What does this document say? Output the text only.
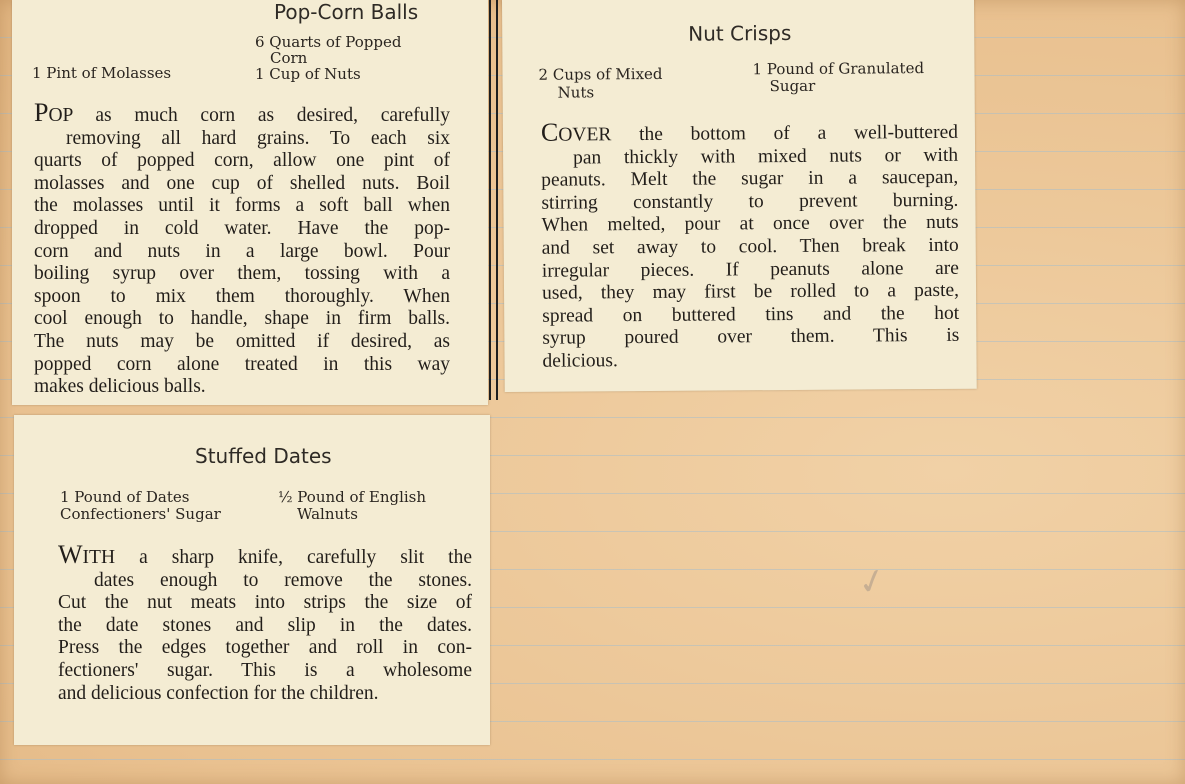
Pop-Corn Balls
1 Pint of Molasses
6 Quarts of Popped
Corn
1 Cup of Nuts
POP as much corn as desired, carefully
removing all hard grains. To each six
quarts of popped corn, allow one pint of
molasses and one cup of shelled nuts. Boil
the molasses until it forms a soft ball when
dropped in cold water. Have the pop-
corn and nuts in a large bowl. Pour
boiling syrup over them, tossing with a
spoon to mix them thoroughly. When
cool enough to handle, shape in firm balls.
The nuts may be omitted if desired, as
popped corn alone treated in this way
makes delicious balls.
Nut Crisps
2 Cups of Mixed
Nuts
1 Pound of Granulated
Sugar
COVER the bottom of a well-buttered
pan thickly with mixed nuts or with
peanuts. Melt the sugar in a saucepan,
stirring constantly to prevent burning.
When melted, pour at once over the nuts
and set away to cool. Then break into
irregular pieces. If peanuts alone are
used, they may first be rolled to a paste,
spread on buttered tins and the hot
syrup poured over them. This is
delicious.
Stuffed Dates
1 Pound of Dates
Confectioners' Sugar
½ Pound of English
Walnuts
WITH a sharp knife, carefully slit the
dates enough to remove the stones.
Cut the nut meats into strips the size of
the date stones and slip in the dates.
Press the edges together and roll in con-
fectioners' sugar. This is a wholesome
and delicious confection for the children.
✓
